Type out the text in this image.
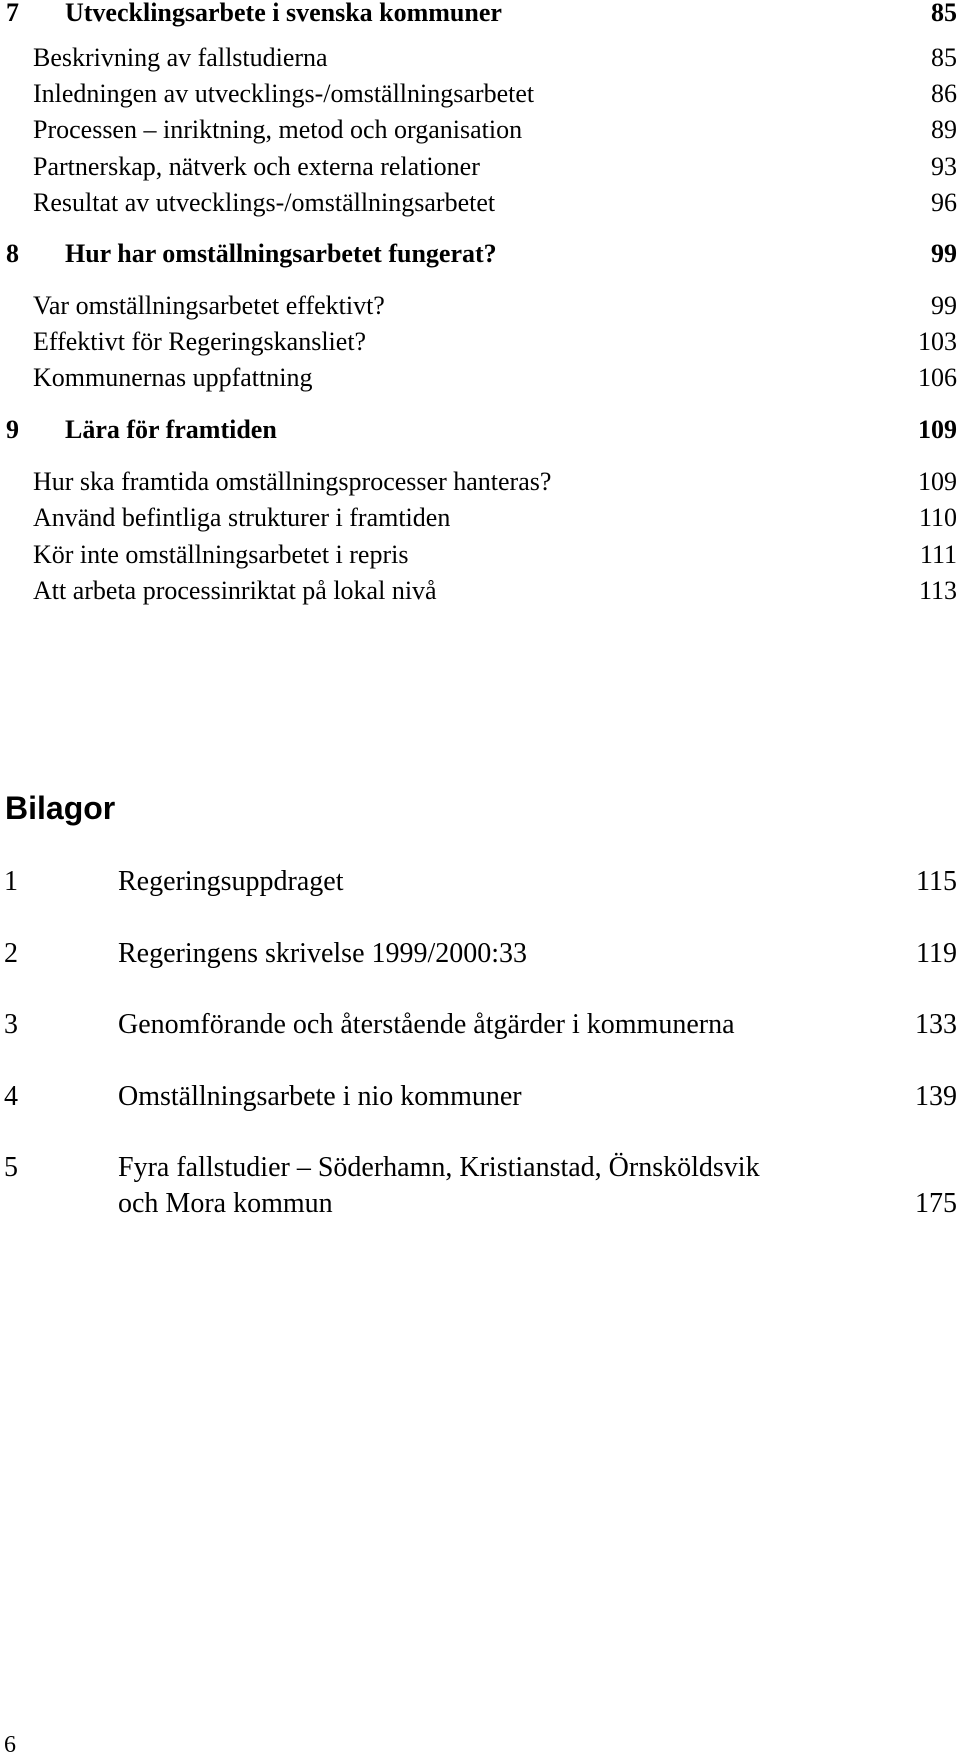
7 Utvecklingsarbete i svenska kommuner	85
Beskrivning av fallstudierna	85
Inledningen av utvecklings-/omställningsarbetet	86
Processen – inriktning, metod och organisation	89
Partnerskap, nätverk och externa relationer	93
Resultat av utvecklings-/omställningsarbetet	96
8 Hur har omställningsarbetet fungerat?	99
Var omställningsarbetet effektivt?	99
Effektivt för Regeringskansliet?	103
Kommunernas uppfattning	106
9 Lära för framtiden	109
Hur ska framtida omställningsprocesser hanteras?	109
Använd befintliga strukturer i framtiden	110
Kör inte omställningsarbetet i repris	111
Att arbeta processinriktat på lokal nivå	113
Bilagor
1	Regeringsuppdraget	115
2	Regeringens skrivelse 1999/2000:33	119
3	Genomförande och återstående åtgärder i kommunerna	133
4	Omställningsarbete i nio kommuner	139
5	Fyra fallstudier – Söderhamn, Kristianstad, Örnsköldsvik
och Mora kommun	175
6
